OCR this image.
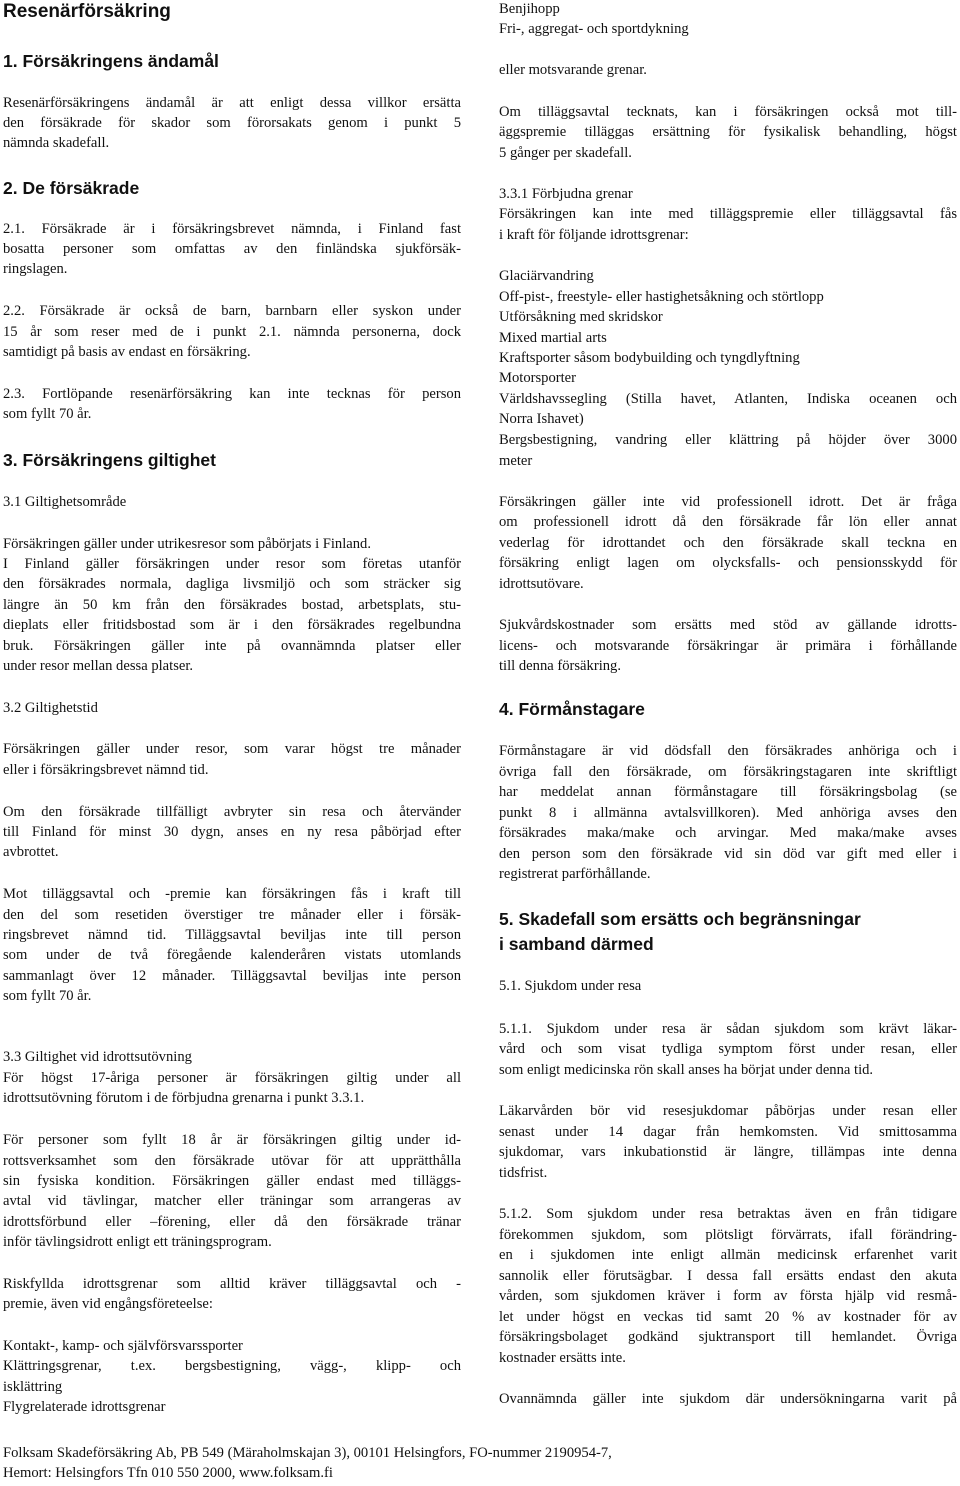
Resenärförsäkring

1. Försäkringens ändamål

Resenärförsäkringens ändamål är att enligt dessa villkor ersätta

den försäkrade för skador som förorsakats genom i punkt 5

nämnda skadefall.

2. De försäkrade

2.1. Försäkrade är i försäkringsbrevet nämnda, i Finland fast

bosatta personer som omfattas av den finländska sjukförsäk-

ringslagen.

2.2. Försäkrade är också de barn, barnbarn eller syskon under

15 år som reser med de i punkt 2.1. nämnda personerna, dock

samtidigt på basis av endast en försäkring.

2.3. Fortlöpande resenärförsäkring kan inte tecknas för person

som fyllt 70 år.

3. Försäkringens giltighet

3.1 Giltighetsområde

Försäkringen gäller under utrikesresor som påbörjats i Finland.

I Finland gäller försäkringen under resor som företas utanför

den försäkrades normala, dagliga livsmiljö och som sträcker sig

längre än 50 km från den försäkrades bostad, arbetsplats, stu-

dieplats eller fritidsbostad som är i den försäkrades regelbundna

bruk. Försäkringen gäller inte på ovannämnda platser eller

under resor mellan dessa platser.

3.2 Giltighetstid

Försäkringen gäller under resor, som varar högst tre månader

eller i försäkringsbrevet nämnd tid.

Om den försäkrade tillfälligt avbryter sin resa och återvänder

till Finland för minst 30 dygn, anses en ny resa påbörjad efter

avbrottet.

Mot tilläggsavtal och -premie kan försäkringen fås i kraft till

den del som resetiden överstiger tre månader eller i försäk-

ringsbrevet nämnd tid. Tilläggsavtal beviljas inte till person

som under de två föregående kalenderåren vistats utomlands

sammanlagt över 12 månader. Tilläggsavtal beviljas inte person

som fyllt 70 år.

3.3 Giltighet vid idrottsutövning

För högst 17-åriga personer är försäkringen giltig under all

idrottsutövning förutom i de förbjudna grenarna i punkt 3.3.1.

För personer som fyllt 18 år är försäkringen giltig under id-

rottsverksamhet som den försäkrade utövar för att upprätthålla

sin fysiska kondition. Försäkringen gäller endast med tilläggs-

avtal vid tävlingar, matcher eller träningar som arrangeras av

idrottsförbund eller –förening, eller då den försäkrade tränar

inför tävlingsidrott enligt ett träningsprogram.

Riskfyllda idrottsgrenar som alltid kräver tilläggsavtal och -

premie, även vid engångsföreteelse:

Kontakt-, kamp- och självförsvarssporter

Klättringsgrenar, t.ex. bergsbestigning, vägg-, klipp- och

isklättring

Flygrelaterade idrottsgrenar

Benjihopp

Fri-, aggregat- och sportdykning

eller motsvarande grenar.

Om tilläggsavtal tecknats, kan i försäkringen också mot till-

äggspremie tilläggas ersättning för fysikalisk behandling, högst

5 gånger per skadefall.

3.3.1 Förbjudna grenar

Försäkringen kan inte med tilläggspremie eller tilläggsavtal fås

i kraft för följande idrottsgrenar:

Glaciärvandring

Off-pist-, freestyle- eller hastighetsåkning och störtlopp

Utförsåkning med skridskor

Mixed martial arts

Kraftsporter såsom bodybuilding och tyngdlyftning

Motorsporter

Världshavssegling (Stilla havet, Atlanten, Indiska oceanen och

Norra Ishavet)

Bergsbestigning, vandring eller klättring på höjder över 3000

meter

Försäkringen gäller inte vid professionell idrott. Det är fråga

om professionell idrott då den försäkrade får lön eller annat

vederlag för idrottandet och den försäkrade skall teckna en

försäkring enligt lagen om olycksfalls- och pensionsskydd för

idrottsutövare.

Sjukvårdskostnader som ersätts med stöd av gällande idrotts-

licens- och motsvarande försäkringar är primära i förhållande

till denna försäkring.

4. Förmånstagare

Förmånstagare är vid dödsfall den försäkrades anhöriga och i

övriga fall den försäkrade, om försäkringstagaren inte skriftligt

har meddelat annan förmånstagare till försäkringsbolag (se

punkt 8 i allmänna avtalsvillkoren). Med anhöriga avses den

försäkrades maka/make och arvingar. Med maka/make avses

den person som den försäkrade vid sin död var gift med eller i

registrerat parförhållande.

5. Skadefall som ersätts och begränsningar

i samband därmed

5.1. Sjukdom under resa

5.1.1. Sjukdom under resa är sådan sjukdom som krävt läkar-

vård och som visat tydliga symptom först under resan, eller

som enligt medicinska rön skall anses ha börjat under denna tid.

Läkarvården bör vid resesjukdomar påbörjas under resan eller

senast under 14 dagar från hemkomsten. Vid smittosamma

sjukdomar, vars inkubationstid är längre, tillämpas inte denna

tidsfrist.

5.1.2. Som sjukdom under resa betraktas även en från tidigare

förekommen sjukdom, som plötsligt förvärrats, ifall förändring-

en i sjukdomen inte enligt allmän medicinsk erfarenhet varit

sannolik eller förutsägbar. I dessa fall ersätts endast den akuta

vården, som sjukdomen kräver i form av första hjälp vid resmå-

let under högst en veckas tid samt 20 % av kostnader för av

försäkringsbolaget godkänd sjuktransport till hemlandet. Övriga

kostnader ersätts inte.

Ovannämnda gäller inte sjukdom där undersökningarna varit på

Folksam Skadeförsäkring Ab, PB 549 (Märaholmskajan 3), 00101 Helsingfors, FO-nummer 2190954-7,

Hemort: Helsingfors Tfn 010 550 2000, www.folksam.fi
